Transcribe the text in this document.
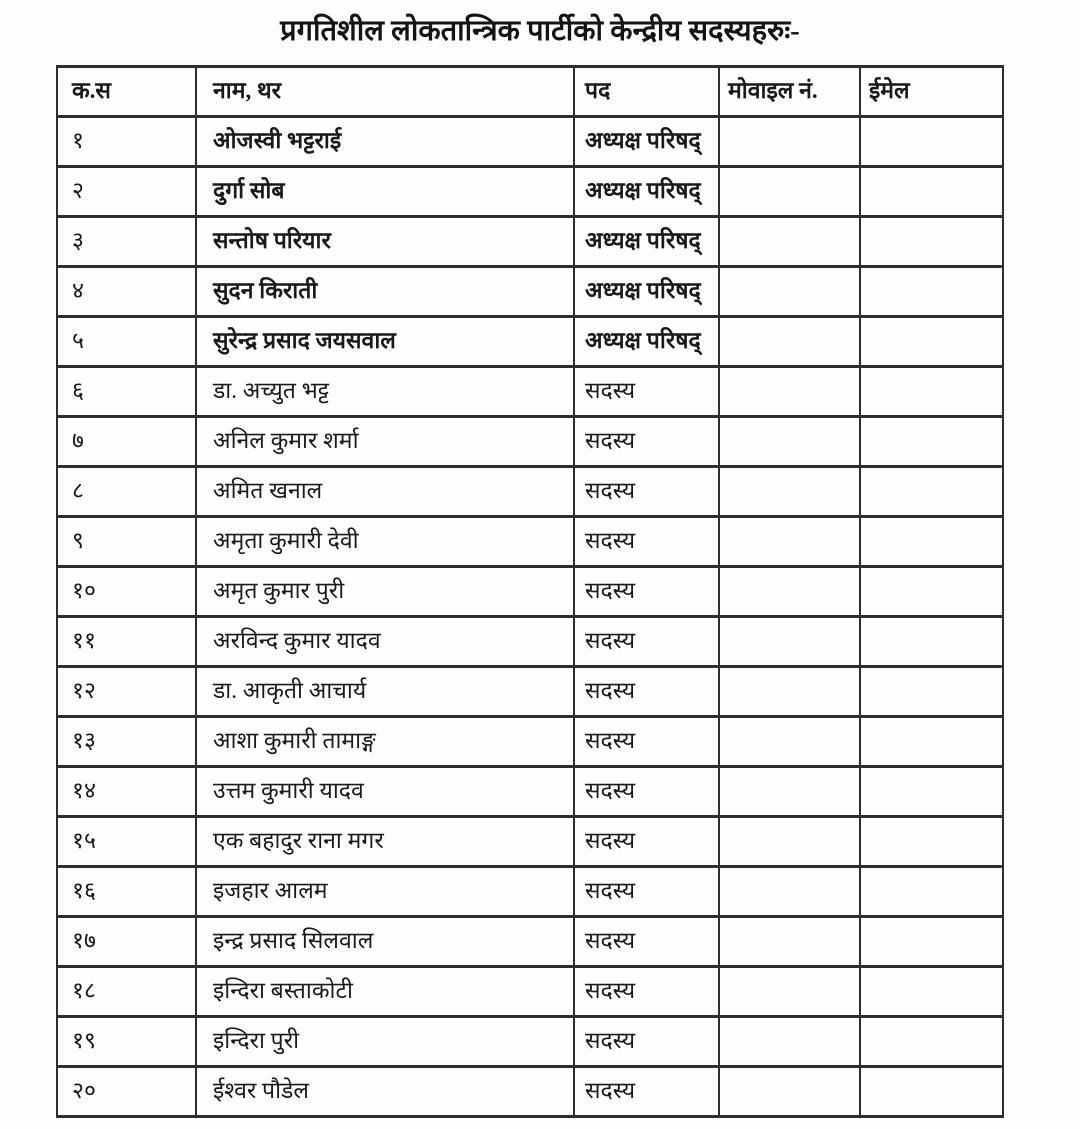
प्रगतिशील लोकतान्त्रिक पार्टीको केन्द्रीय सदस्यहरुः-
क.स	नाम, थर	पद	मोवाइल नं.	ईमेल
१	ओजस्वी भट्टराई	अध्यक्ष परिषद्		
२	दुर्गा सोब	अध्यक्ष परिषद्		
३	सन्तोष परियार	अध्यक्ष परिषद्		
४	सुदन किराती	अध्यक्ष परिषद्		
५	सुरेन्द्र प्रसाद जयसवाल	अध्यक्ष परिषद्		
६	डा. अच्युत भट्ट	सदस्य		
७	अनिल कुमार शर्मा	सदस्य		
८	अमित खनाल	सदस्य		
९	अमृता कुमारी देवी	सदस्य		
१०	अमृत कुमार पुरी	सदस्य		
११	अरविन्द कुमार यादव	सदस्य		
१२	डा. आकृती आचार्य	सदस्य		
१३	आशा कुमारी तामाङ्ग	सदस्य		
१४	उत्तम कुमारी यादव	सदस्य		
१५	एक बहादुर राना मगर	सदस्य		
१६	इजहार आलम	सदस्य		
१७	इन्द्र प्रसाद सिलवाल	सदस्य		
१८	इन्दिरा बस्ताकोटी	सदस्य		
१९	इन्दिरा पुरी	सदस्य		
२०	ईश्वर पौडेल	सदस्य		
